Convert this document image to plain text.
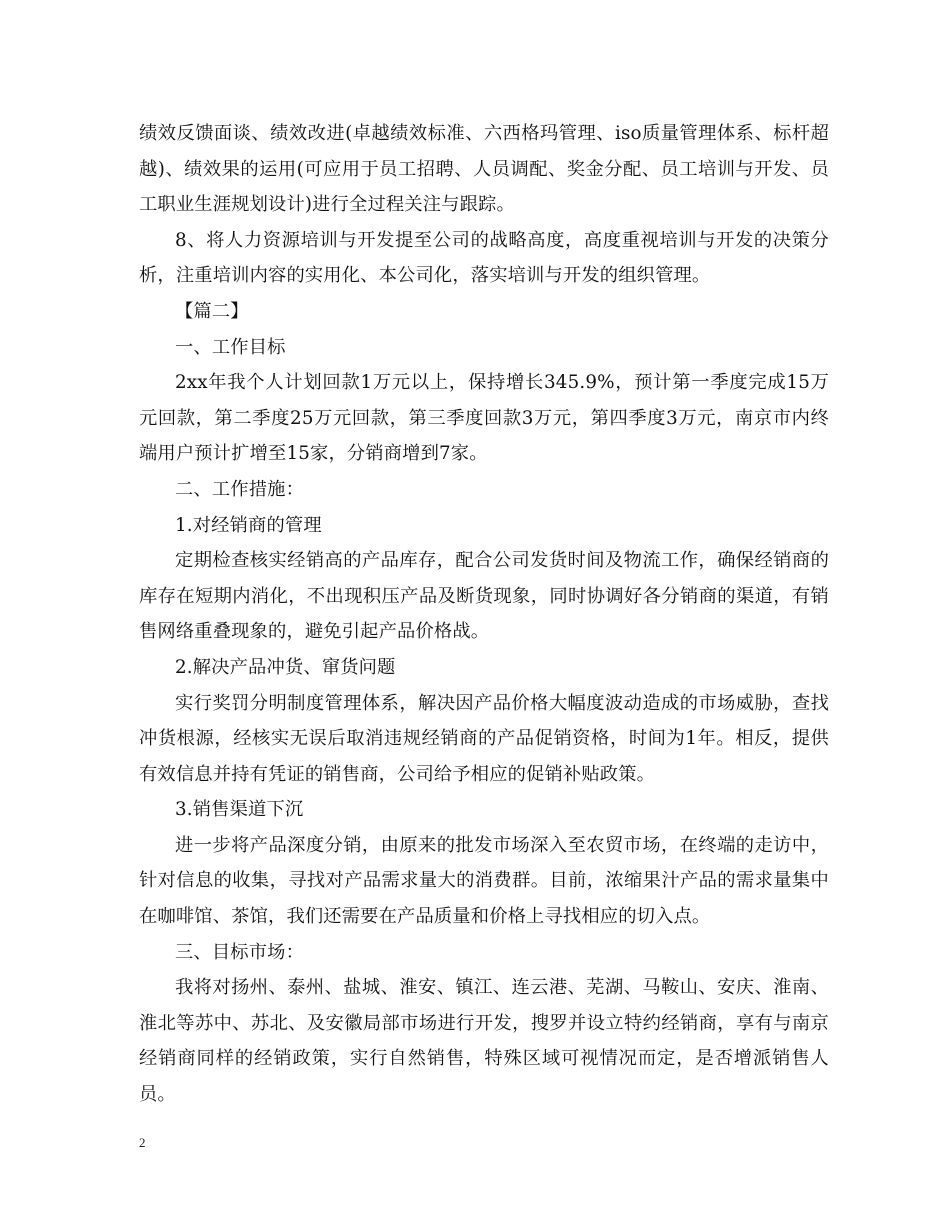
绩效反馈面谈、绩效改进(卓越绩效标准、六西格玛管理、iso质量管理体系、标杆超越)、绩效果的运用(可应用于员工招聘、人员调配、奖金分配、员工培训与开发、员工职业生涯规划设计)进行全过程关注与跟踪。

8、将人力资源培训与开发提至公司的战略高度，高度重视培训与开发的决策分析，注重培训内容的实用化、本公司化，落实培训与开发的组织管理。

【篇二】

一、工作目标

2xx年我个人计划回款1万元以上，保持增长345.9%，预计第一季度完成15万元回款，第二季度25万元回款，第三季度回款3万元，第四季度3万元，南京市内终端用户预计扩增至15家，分销商增到7家。

二、工作措施：

1.对经销商的管理

定期检查核实经销高的产品库存，配合公司发货时间及物流工作，确保经销商的库存在短期内消化，不出现积压产品及断货现象，同时协调好各分销商的渠道，有销售网络重叠现象的，避免引起产品价格战。

2.解决产品冲货、窜货问题

实行奖罚分明制度管理体系，解决因产品价格大幅度波动造成的市场威胁，查找冲货根源，经核实无误后取消违规经销商的产品促销资格，时间为1年。相反，提供有效信息并持有凭证的销售商，公司给予相应的促销补贴政策。

3.销售渠道下沉

进一步将产品深度分销，由原来的批发市场深入至农贸市场，在终端的走访中，针对信息的收集，寻找对产品需求量大的消费群。目前，浓缩果汁产品的需求量集中在咖啡馆、茶馆，我们还需要在产品质量和价格上寻找相应的切入点。

三、目标市场：

我将对扬州、泰州、盐城、淮安、镇江、连云港、芜湖、马鞍山、安庆、淮南、淮北等苏中、苏北、及安徽局部市场进行开发，搜罗并设立特约经销商，享有与南京经销商同样的经销政策，实行自然销售，特殊区域可视情况而定，是否增派销售人员。

2
